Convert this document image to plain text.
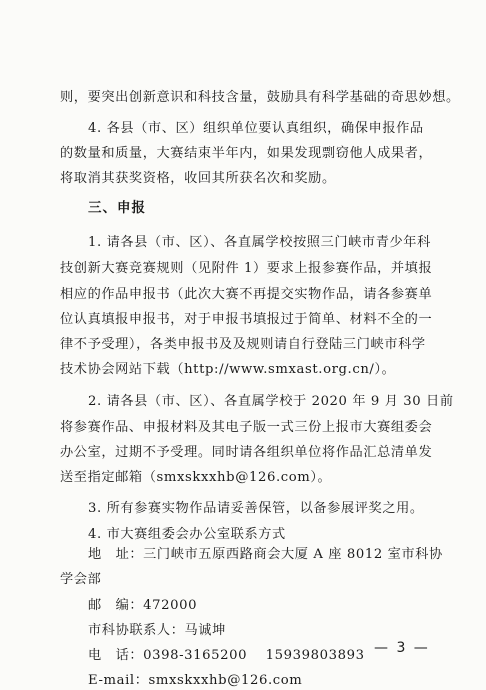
则，要突出创新意识和科技含量，鼓励具有科学基础的奇思妙想。
4. 各县（市、区）组织单位要认真组织，确保申报作品
的数量和质量，大赛结束半年内，如果发现剽窃他人成果者，
将取消其获奖资格，收回其所获名次和奖励。
三、申报
1. 请各县（市、区）、各直属学校按照三门峡市青少年科
技创新大赛竞赛规则（见附件 1）要求上报参赛作品，并填报
相应的作品申报书（此次大赛不再提交实物作品，请各参赛单
位认真填报申报书，对于申报书填报过于简单、材料不全的一
律不予受理），各类申报书及及规则请自行登陆三门峡市科学
技术协会网站下载（http://www.smxast.org.cn/）。
2. 请各县（市、区）、各直属学校于 2020 年 9 月 30 日前
将参赛作品、申报材料及其电子版一式三份上报市大赛组委会
办公室，过期不予受理。同时请各组织单位将作品汇总清单发
送至指定邮箱（smxskxxhb@126.com）。
3. 所有参赛实物作品请妥善保管，以备参展评奖之用。
4. 市大赛组委会办公室联系方式
地　址：三门峡市五原西路商会大厦 A 座 8012 室市科协
学会部
邮　编：472000
市科协联系人：马诚坤
电　话：0398-3165200　 15939803893
E-mail：smxskxxhb@126.com
— 3 —
